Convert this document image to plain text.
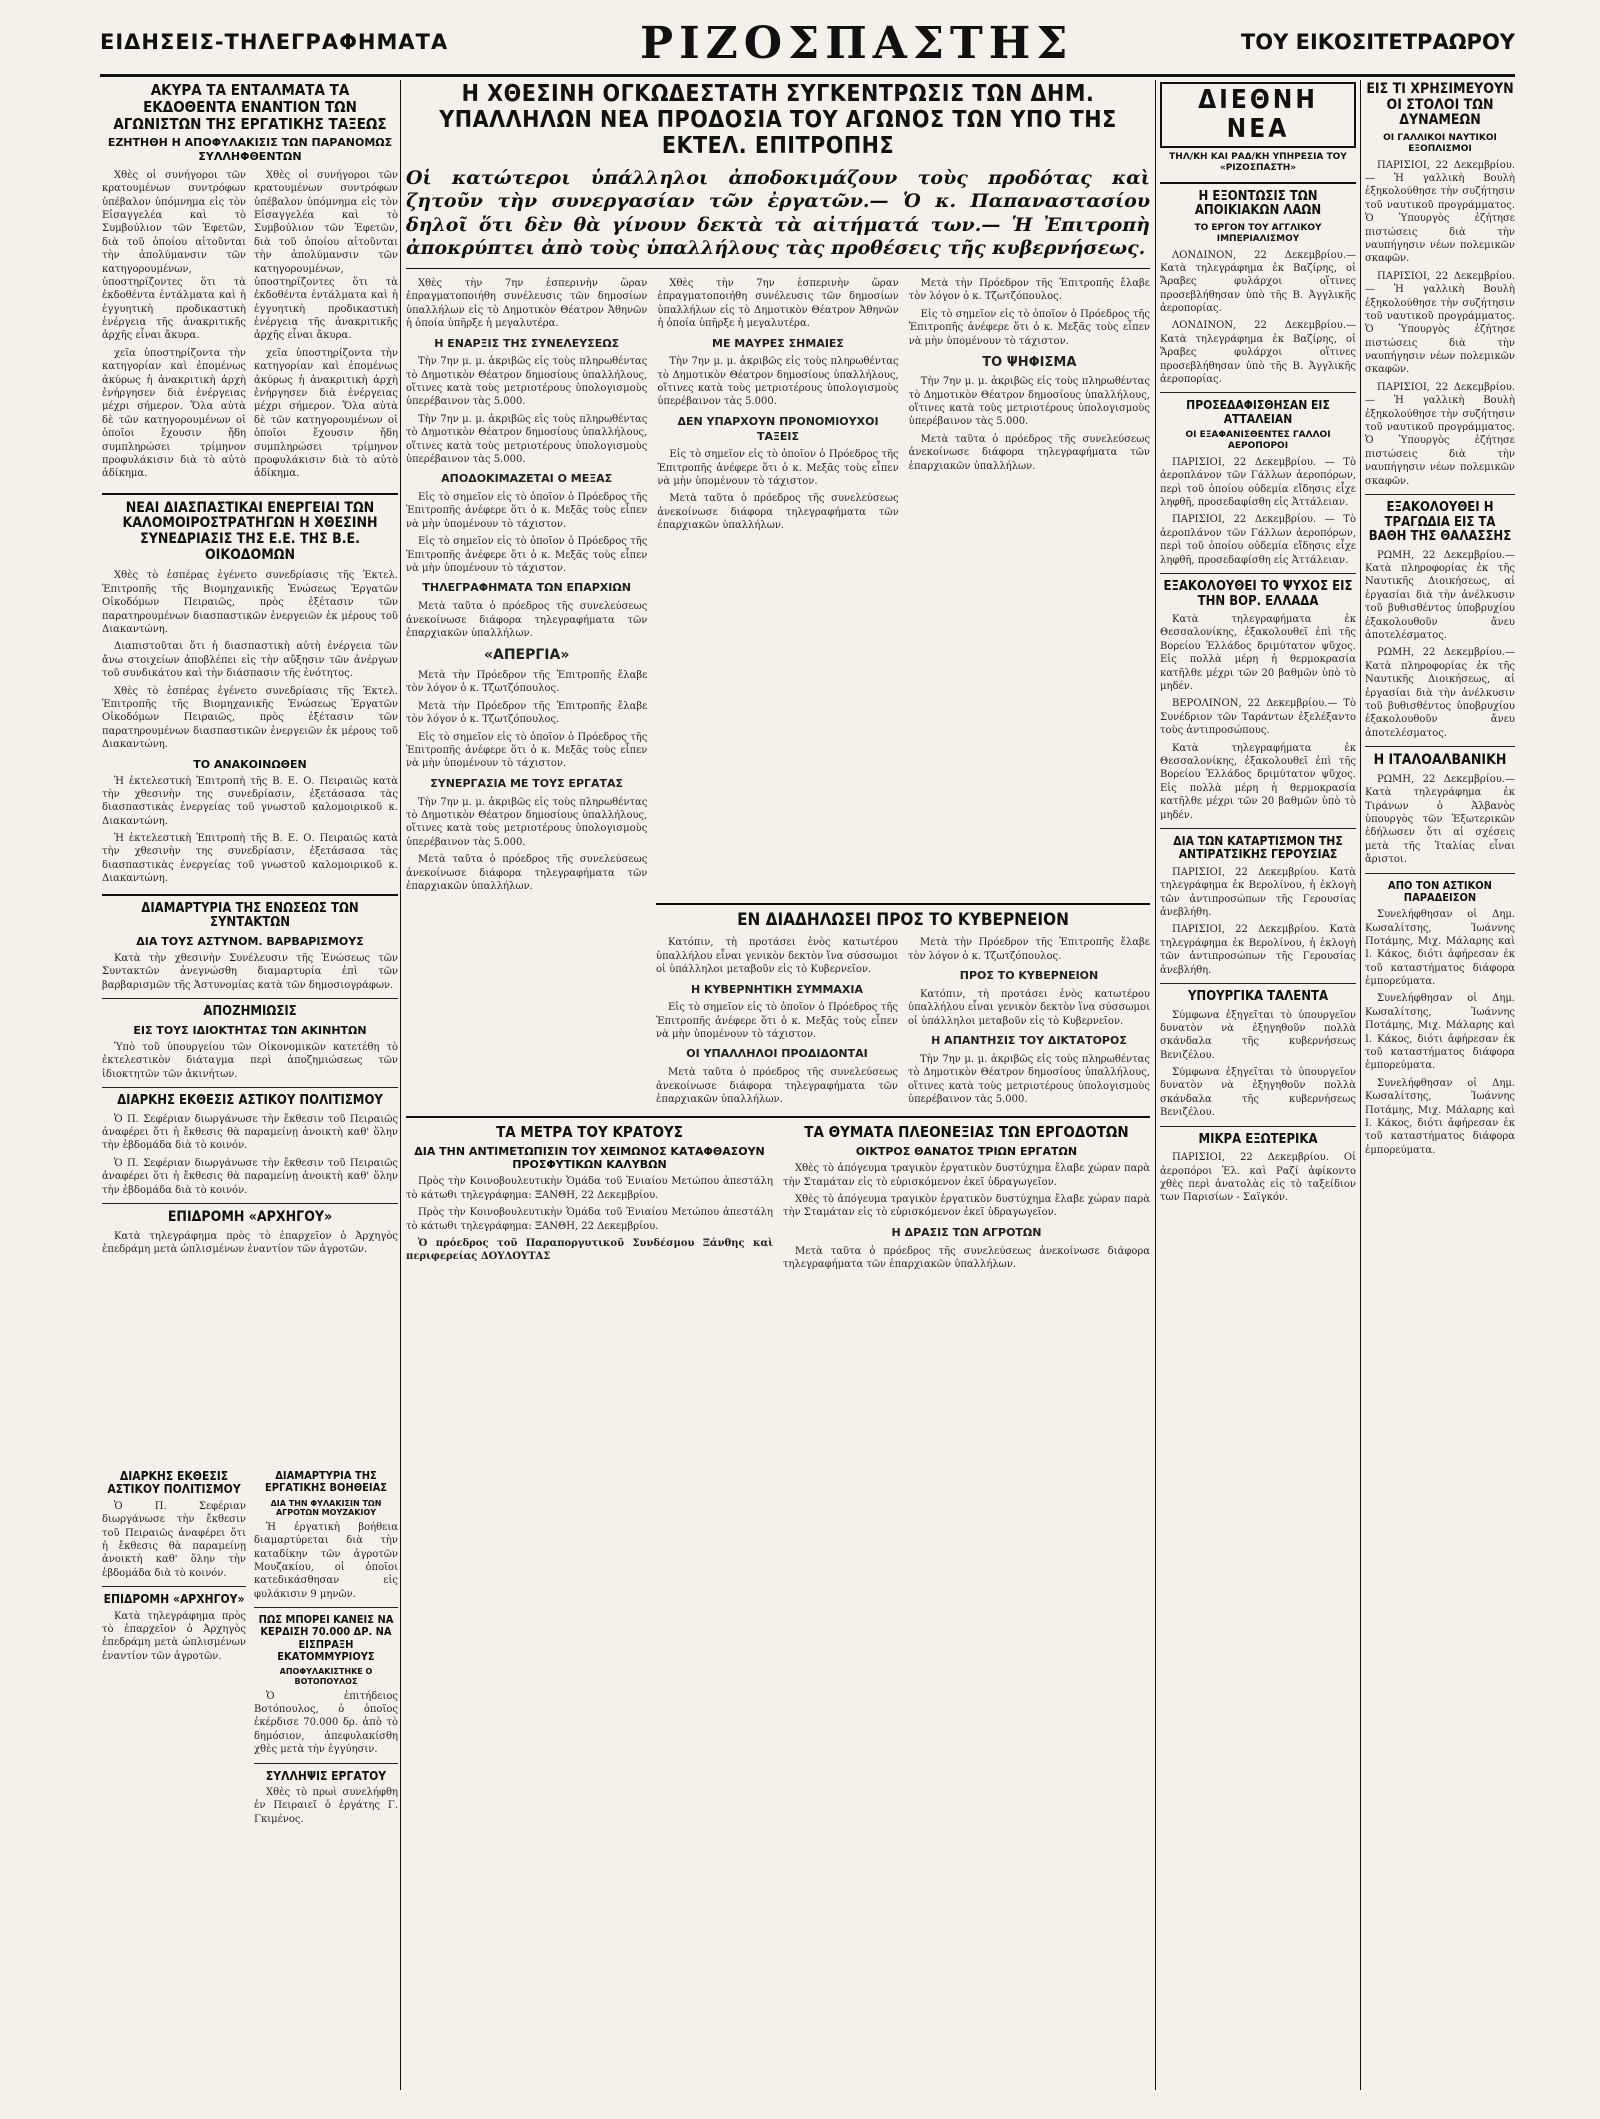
ΕΙΔΗΣΕΙΣ-ΤΗΛΕΓΡΑΦΗΜΑΤΑ	ΡΙΖΟΣΠΑΣΤΗΣ	ΤΟΥ ΕΙΚΟΣΙΤΕΤΡΑΩΡΟΥ
ΑΚΥΡΑ ΤΑ ΕΝΤΑΛΜΑΤΑ ΤΑ ΕΚΔΟΘΕΝΤΑ ΕΝΑΝΤΙΟΝ ΤΩΝ ΑΓΩΝΙΣΤΩΝ ΤΗΣ ΕΡΓΑΤΙΚΗΣ ΤΑΞΕΩΣ
ΕΖΗΤΗΘΗ Η ΑΠΟΦΥΛΑΚΙΣΙΣ ΤΩΝ ΠΑΡΑΝΟΜΩΣ ΣΥΛΛΗΦΘΕΝΤΩΝ

Χθὲς οἱ συνήγοροι τῶν κρατουμένων συντρόφων ὑπέβαλον ὑπόμνημα εἰς τὸν Εἰσαγγελέα καὶ τὸ Συμβούλιον τῶν Ἐφετῶν, διὰ τοῦ ὁποίου αἰτοῦνται τὴν ἀπολύμανσιν τῶν κατηγορουμένων, ὑποστηρίζοντες ὅτι τὰ ἐκδοθέντα ἐντάλματα καὶ ἡ ἐγγυητικὴ προδικαστικὴ ἐνέργεια τῆς ἀνακριτικῆς ἀρχῆς εἶναι ἄκυρα.

χεῖα ὑποστηρίζοντα τὴν κατηγορίαν καὶ ἐπομένως ἀκύρως ἡ ἀνακριτικὴ ἀρχὴ ἐνήργησεν διὰ ἐνέργειας μέχρι σήμερον. Ὅλα αὐτὰ δὲ τῶν κατηγορουμένων οἱ ὁποῖοι ἔχουσιν ἤδη συμπληρώσει τρίμηνον προφυλάκισιν διὰ τὸ αὐτὸ ἀδίκημα.

Χθὲς οἱ συνήγοροι τῶν κρατουμένων συντρόφων ὑπέβαλον ὑπόμνημα εἰς τὸν Εἰσαγγελέα καὶ τὸ Συμβούλιον τῶν Ἐφετῶν, διὰ τοῦ ὁποίου αἰτοῦνται τὴν ἀπολύμανσιν τῶν κατηγορουμένων, ὑποστηρίζοντες ὅτι τὰ ἐκδοθέντα ἐντάλματα καὶ ἡ ἐγγυητικὴ προδικαστικὴ ἐνέργεια τῆς ἀνακριτικῆς ἀρχῆς εἶναι ἄκυρα.

χεῖα ὑποστηρίζοντα τὴν κατηγορίαν καὶ ἐπομένως ἀκύρως ἡ ἀνακριτικὴ ἀρχὴ ἐνήργησεν διὰ ἐνέργειας μέχρι σήμερον. Ὅλα αὐτὰ δὲ τῶν κατηγορουμένων οἱ ὁποῖοι ἔχουσιν ἤδη συμπληρώσει τρίμηνον προφυλάκισιν διὰ τὸ αὐτὸ ἀδίκημα.

ΝΕΑΙ ΔΙΑΣΠΑΣΤΙΚΑΙ ΕΝΕΡΓΕΙΑΙ ΤΩΝ ΚΑΛΟΜΟΙΡΟΣΤΡΑΤΗΓΩΝ Η ΧΘΕΣΙΝΗ ΣΥΝΕΔΡΙΑΣΙΣ ΤΗΣ Ε.Ε. ΤΗΣ Β.Ε. ΟΙΚΟΔΟΜΩΝ

Χθὲς τὸ ἑσπέρας ἐγένετο συνεδρίασις τῆς Ἐκτελ. Ἐπιτροπῆς τῆς Βιομηχανικῆς Ἑνώσεως Ἐργατῶν Οἰκοδόμων Πειραιῶς, πρὸς ἐξέτασιν τῶν παρατηρουμένων διασπαστικῶν ἐνεργειῶν ἐκ μέρους τοῦ Διακαντώνη.

Διαπιστοῦται ὅτι ἡ διασπαστικὴ αὐτὴ ἐνέργεια τῶν ἄνω στοιχείων ἀποβλέπει εἰς τὴν αὔξησιν τῶν ἀνέργων τοῦ συνδικάτου καὶ τὴν διάσπασιν τῆς ἑνότητος.

Χθὲς τὸ ἑσπέρας ἐγένετο συνεδρίασις τῆς Ἐκτελ. Ἐπιτροπῆς τῆς Βιομηχανικῆς Ἑνώσεως Ἐργατῶν Οἰκοδόμων Πειραιῶς, πρὸς ἐξέτασιν τῶν παρατηρουμένων διασπαστικῶν ἐνεργειῶν ἐκ μέρους τοῦ Διακαντώνη.

ΤΟ ΑΝΑΚΟΙΝΩΘΕΝ

Ἡ ἐκτελεστικὴ Ἐπιτροπὴ τῆς Β. Ε. Ο. Πειραιῶς κατὰ τὴν χθεσινὴν της συνεδρίασιν, ἐξετάσασα τὰς διασπαστικὰς ἐνεργείας τοῦ γνωστοῦ καλομοιρικοῦ κ. Διακαντώνη.

Ἡ ἐκτελεστικὴ Ἐπιτροπὴ τῆς Β. Ε. Ο. Πειραιῶς κατὰ τὴν χθεσινὴν της συνεδρίασιν, ἐξετάσασα τὰς διασπαστικὰς ἐνεργείας τοῦ γνωστοῦ καλομοιρικοῦ κ. Διακαντώνη.

ΔΙΑΜΑΡΤΥΡΙΑ ΤΗΣ ΕΝΩΣΕΩΣ ΤΩΝ ΣΥΝΤΑΚΤΩΝ
ΔΙΑ ΤΟΥΣ ΑΣΤΥΝΟΜ. ΒΑΡΒΑΡΙΣΜΟΥΣ

Κατὰ τὴν χθεσινὴν Συνέλευσιν τῆς Ἑνώσεως τῶν Συντακτῶν ἀνεγνώσθη διαμαρτυρία ἐπὶ τῶν βαρβαρισμῶν τῆς Ἀστυνομίας κατὰ τῶν δημοσιογράφων.

ΑΠΟΖΗΜΙΩΣΙΣ
ΕΙΣ ΤΟΥΣ ΙΔΙΟΚΤΗΤΑΣ ΤΩΝ ΑΚΙΝΗΤΩΝ

Ὑπὸ τοῦ ὑπουργείου τῶν Οἰκονομικῶν κατετέθη τὸ ἐκτελεστικὸν διάταγμα περὶ ἀποζημιώσεως τῶν ἰδιοκτητῶν τῶν ἀκινήτων.

ΔΙΑΡΚΗΣ ΕΚΘΕΣΙΣ ΑΣΤΙΚΟΥ ΠΟΛΙΤΙΣΜΟΥ

Ὁ Π. Σεφέριαν διωργάνωσε τὴν ἔκθεσιν τοῦ Πειραιῶς ἀναφέρει ὅτι ἡ ἔκθεσις θὰ παραμείνῃ ἀνοικτὴ καθ' ὅλην τὴν ἑβδομάδα διὰ τὸ κοινόν.

Ὁ Π. Σεφέριαν διωργάνωσε τὴν ἔκθεσιν τοῦ Πειραιῶς ἀναφέρει ὅτι ἡ ἔκθεσις θὰ παραμείνῃ ἀνοικτὴ καθ' ὅλην τὴν ἑβδομάδα διὰ τὸ κοινόν.

ΕΠΙΔΡΟΜΗ «ΑΡΧΗΓΟΥ»

Κατὰ τηλεγράφημα πρὸς τὸ ἐπαρχεῖον ὁ Ἀρχηγὸς ἐπεδράμη μετὰ ὡπλισμένων ἐναντίον τῶν ἀγροτῶν.

Η ΧΘΕΣΙΝΗ ΟΓΚΩΔΕΣΤΑΤΗ ΣΥΓΚΕΝΤΡΩΣΙΣ ΤΩΝ ΔΗΜ. ΥΠΑΛΛΗΛΩΝ ΝΕΑ ΠΡΟΔΟΣΙΑ ΤΟΥ ΑΓΩΝΟΣ ΤΩΝ ΥΠΟ ΤΗΣ ΕΚΤΕΛ. ΕΠΙΤΡΟΠΗΣ
Οἱ κατώτεροι ὑπάλληλοι ἀποδοκιμάζουν τοὺς προδότας καὶ ζητοῦν τὴν συνεργασίαν τῶν ἐργατῶν.— Ὁ κ. Παπαναστασίου δηλοῖ ὅτι δὲν θὰ γίνουν δεκτὰ τὰ αἰτήματά των.— Ἡ Ἐπιτροπὴ ἀποκρύπτει ἀπὸ τοὺς ὑπαλλήλους τὰς προθέσεις τῆς κυβερνήσεως.

Χθὲς τὴν 7ην ἑσπερινὴν ὥραν ἐπραγματοποιήθη συνέλευσις τῶν δημοσίων ὑπαλλήλων εἰς τὸ Δημοτικὸν Θέατρον Ἀθηνῶν ἡ ὁποία ὑπῆρξε ἡ μεγαλυτέρα.

Η ΕΝΑΡΞΙΣ ΤΗΣ ΣΥΝΕΛΕΥΣΕΩΣ

Τὴν 7ην μ. μ. ἀκριβῶς εἰς τοὺς πληρωθέντας τὸ Δημοτικὸν Θέατρον δημοσίους ὑπαλλήλους, οἵτινες κατὰ τοὺς μετριοτέρους ὑπολογισμοὺς ὑπερέβαινον τὰς 5.000.

Τὴν 7ην μ. μ. ἀκριβῶς εἰς τοὺς πληρωθέντας τὸ Δημοτικὸν Θέατρον δημοσίους ὑπαλλήλους, οἵτινες κατὰ τοὺς μετριοτέρους ὑπολογισμοὺς ὑπερέβαινον τὰς 5.000.

ΑΠΟΔΟΚΙΜΑΖΕΤΑΙ Ο ΜΕΞΑΣ

Εἰς τὸ σημεῖον εἰς τὸ ὁποῖον ὁ Πρόεδρος τῆς Ἐπιτροπῆς ἀνέφερε ὅτι ὁ κ. Μεξᾶς τοὺς εἶπεν νὰ μὴν ὑπομένουν τὸ τάχιστον.

Εἰς τὸ σημεῖον εἰς τὸ ὁποῖον ὁ Πρόεδρος τῆς Ἐπιτροπῆς ἀνέφερε ὅτι ὁ κ. Μεξᾶς τοὺς εἶπεν νὰ μὴν ὑπομένουν τὸ τάχιστον.

ΤΗΛΕΓΡΑΦΗΜΑΤΑ ΤΩΝ ΕΠΑΡΧΙΩΝ

Μετὰ ταῦτα ὁ πρόεδρος τῆς συνελεύσεως ἀνεκοίνωσε διάφορα τηλεγραφήματα τῶν ἐπαρχιακῶν ὑπαλλήλων.

«ΑΠΕΡΓΙΑ»

Μετὰ τὴν Πρόεδρον τῆς Ἐπιτροπῆς ἔλαβε τὸν λόγον ὁ κ. Τζωτζόπουλος.

Μετὰ τὴν Πρόεδρον τῆς Ἐπιτροπῆς ἔλαβε τὸν λόγον ὁ κ. Τζωτζόπουλος.

Εἰς τὸ σημεῖον εἰς τὸ ὁποῖον ὁ Πρόεδρος τῆς Ἐπιτροπῆς ἀνέφερε ὅτι ὁ κ. Μεξᾶς τοὺς εἶπεν νὰ μὴν ὑπομένουν τὸ τάχιστον.

ΣΥΝΕΡΓΑΣΙΑ ΜΕ ΤΟΥΣ ΕΡΓΑΤΑΣ

Τὴν 7ην μ. μ. ἀκριβῶς εἰς τοὺς πληρωθέντας τὸ Δημοτικὸν Θέατρον δημοσίους ὑπαλλήλους, οἵτινες κατὰ τοὺς μετριοτέρους ὑπολογισμοὺς ὑπερέβαινον τὰς 5.000.

Μετὰ ταῦτα ὁ πρόεδρος τῆς συνελεύσεως ἀνεκοίνωσε διάφορα τηλεγραφήματα τῶν ἐπαρχιακῶν ὑπαλλήλων.

Χθὲς τὴν 7ην ἑσπερινὴν ὥραν ἐπραγματοποιήθη συνέλευσις τῶν δημοσίων ὑπαλλήλων εἰς τὸ Δημοτικὸν Θέατρον Ἀθηνῶν ἡ ὁποία ὑπῆρξε ἡ μεγαλυτέρα.

ΜΕ ΜΑΥΡΕΣ ΣΗΜΑΙΕΣ

Τὴν 7ην μ. μ. ἀκριβῶς εἰς τοὺς πληρωθέντας τὸ Δημοτικὸν Θέατρον δημοσίους ὑπαλλήλους, οἵτινες κατὰ τοὺς μετριοτέρους ὑπολογισμοὺς ὑπερέβαινον τὰς 5.000.

ΔΕΝ ΥΠΑΡΧΟΥΝ ΠΡΟΝΟΜΙΟΥΧΟΙ ΤΑΞΕΙΣ

Εἰς τὸ σημεῖον εἰς τὸ ὁποῖον ὁ Πρόεδρος τῆς Ἐπιτροπῆς ἀνέφερε ὅτι ὁ κ. Μεξᾶς τοὺς εἶπεν νὰ μὴν ὑπομένουν τὸ τάχιστον.

Μετὰ ταῦτα ὁ πρόεδρος τῆς συνελεύσεως ἀνεκοίνωσε διάφορα τηλεγραφήματα τῶν ἐπαρχιακῶν ὑπαλλήλων.

Μετὰ τὴν Πρόεδρον τῆς Ἐπιτροπῆς ἔλαβε τὸν λόγον ὁ κ. Τζωτζόπουλος.

Εἰς τὸ σημεῖον εἰς τὸ ὁποῖον ὁ Πρόεδρος τῆς Ἐπιτροπῆς ἀνέφερε ὅτι ὁ κ. Μεξᾶς τοὺς εἶπεν νὰ μὴν ὑπομένουν τὸ τάχιστον.

ΤΟ ΨΗΦΙΣΜΑ

Τὴν 7ην μ. μ. ἀκριβῶς εἰς τοὺς πληρωθέντας τὸ Δημοτικὸν Θέατρον δημοσίους ὑπαλλήλους, οἵτινες κατὰ τοὺς μετριοτέρους ὑπολογισμοὺς ὑπερέβαινον τὰς 5.000.

Μετὰ ταῦτα ὁ πρόεδρος τῆς συνελεύσεως ἀνεκοίνωσε διάφορα τηλεγραφήματα τῶν ἐπαρχιακῶν ὑπαλλήλων.

ΕΝ ΔΙΑΔΗΛΩΣΕΙ ΠΡΟΣ ΤΟ ΚΥΒΕΡΝΕΙΟΝ

Κατόπιν, τὴ προτάσει ἑνὸς κατωτέρου ὑπαλλήλου εἶναι γενικὸν δεκτὸν ἵνα σύσσωμοι οἱ ὑπάλληλοι μεταβοῦν εἰς τὸ Κυβερνεῖον.

Η ΚΥΒΕΡΝΗΤΙΚΗ ΣΥΜΜΑΧΙΑ

Εἰς τὸ σημεῖον εἰς τὸ ὁποῖον ὁ Πρόεδρος τῆς Ἐπιτροπῆς ἀνέφερε ὅτι ὁ κ. Μεξᾶς τοὺς εἶπεν νὰ μὴν ὑπομένουν τὸ τάχιστον.

ΟΙ ΥΠΑΛΛΗΛΟΙ ΠΡΟΔΙΔΟΝΤΑΙ

Μετὰ ταῦτα ὁ πρόεδρος τῆς συνελεύσεως ἀνεκοίνωσε διάφορα τηλεγραφήματα τῶν ἐπαρχιακῶν ὑπαλλήλων.

Μετὰ τὴν Πρόεδρον τῆς Ἐπιτροπῆς ἔλαβε τὸν λόγον ὁ κ. Τζωτζόπουλος.

ΠΡΟΣ ΤΟ ΚΥΒΕΡΝΕΙΟΝ

Κατόπιν, τὴ προτάσει ἑνὸς κατωτέρου ὑπαλλήλου εἶναι γενικὸν δεκτὸν ἵνα σύσσωμοι οἱ ὑπάλληλοι μεταβοῦν εἰς τὸ Κυβερνεῖον.

Η ΑΠΑΝΤΗΣΙΣ ΤΟΥ ΔΙΚΤΑΤΟΡΟΣ

Τὴν 7ην μ. μ. ἀκριβῶς εἰς τοὺς πληρωθέντας τὸ Δημοτικὸν Θέατρον δημοσίους ὑπαλλήλους, οἵτινες κατὰ τοὺς μετριοτέρους ὑπολογισμοὺς ὑπερέβαινον τὰς 5.000.

ΤΑ ΜΕΤΡΑ ΤΟΥ ΚΡΑΤΟΥΣ
ΔΙΑ ΤΗΝ ΑΝΤΙΜΕΤΩΠΙΣΙΝ ΤΟΥ ΧΕΙΜΩΝΟΣ ΚΑΤΑΦΘΑΣΟΥΝ ΠΡΟΣΦΥΤΙΚΩΝ ΚΑΛΥΒΩΝ

Πρὸς τὴν Κοινοβουλευτικὴν Ὁμάδα τοῦ Ἐνιαίου Μετώπου ἀπεστάλη τὸ κάτωθι τηλεγράφημα: ΞΑΝΘΗ, 22 Δεκεμβρίου.

Πρὸς τὴν Κοινοβουλευτικὴν Ὁμάδα τοῦ Ἐνιαίου Μετώπου ἀπεστάλη τὸ κάτωθι τηλεγράφημα: ΞΑΝΘΗ, 22 Δεκεμβρίου.

Ὁ πρόεδρος τοῦ Παραποργυτικοῦ Συνδέσμου Ξάνθης καὶ περιφερείας ΔΟΥΛΟΥΤΑΣ

ΤΑ ΘΥΜΑΤΑ ΠΛΕΟΝΕΞΙΑΣ ΤΩΝ ΕΡΓΟΔΟΤΩΝ
ΟΙΚΤΡΟΣ ΘΑΝΑΤΟΣ ΤΡΙΩΝ ΕΡΓΑΤΩΝ

Χθὲς τὸ ἀπόγευμα τραγικὸν ἐργατικὸν δυστύχημα ἔλαβε χώραν παρὰ τὴν Σταμάταν εἰς τὸ εὑρισκόμενον ἐκεῖ ὑδραγωγεῖον.

Χθὲς τὸ ἀπόγευμα τραγικὸν ἐργατικὸν δυστύχημα ἔλαβε χώραν παρὰ τὴν Σταμάταν εἰς τὸ εὑρισκόμενον ἐκεῖ ὑδραγωγεῖον.

Η ΔΡΑΣΙΣ ΤΩΝ ΑΓΡΟΤΩΝ

Μετὰ ταῦτα ὁ πρόεδρος τῆς συνελεύσεως ἀνεκοίνωσε διάφορα τηλεγραφήματα τῶν ἐπαρχιακῶν ὑπαλλήλων.

ΔΙΕΘΝΗ ΝΕΑ
ΤΗΛ/ΚΗ ΚΑΙ ΡΑΔ/ΚΗ ΥΠΗΡΕΣΙΑ ΤΟΥ «ΡΙΖΟΣΠΑΣΤΗ»
Η ΕΞΟΝΤΩΣΙΣ ΤΩΝ ΑΠΟΙΚΙΑΚΩΝ ΛΑΩΝ
ΤΟ ΕΡΓΟΝ ΤΟΥ ΑΓΓΛΙΚΟΥ ΙΜΠΕΡΙΑΛΙΣΜΟΥ

ΛΟΝΔΙΝΟΝ, 22 Δεκεμβρίου.— Κατὰ τηλεγράφημα ἐκ Βαζίρης, οἱ Ἄραβες φυλάρχοι οἵτινες προσεβλήθησαν ὑπὸ τῆς Β. Ἀγγλικῆς ἀεροπορίας.

ΛΟΝΔΙΝΟΝ, 22 Δεκεμβρίου.— Κατὰ τηλεγράφημα ἐκ Βαζίρης, οἱ Ἄραβες φυλάρχοι οἵτινες προσεβλήθησαν ὑπὸ τῆς Β. Ἀγγλικῆς ἀεροπορίας.

ΠΡΟΣΕΔΑΦΙΣΘΗΣΑΝ ΕΙΣ ΑΤΤΑΛΕΙΑΝ
ΟΙ ΕΞΑΦΑΝΙΣΘΕΝΤΕΣ ΓΑΛΛΟΙ ΑΕΡΟΠΟΡΟΙ

ΠΑΡΙΣΙΟΙ, 22 Δεκεμβρίου. — Τὸ ἀεροπλάνον τῶν Γάλλων ἀεροπόρων, περὶ τοῦ ὁποίου οὐδεμία εἴδησις εἶχε ληφθῆ, προσεδαφίσθη εἰς Ἀττάλειαν.

ΠΑΡΙΣΙΟΙ, 22 Δεκεμβρίου. — Τὸ ἀεροπλάνον τῶν Γάλλων ἀεροπόρων, περὶ τοῦ ὁποίου οὐδεμία εἴδησις εἶχε ληφθῆ, προσεδαφίσθη εἰς Ἀττάλειαν.

ΕΞΑΚΟΛΟΥΘΕΙ ΤΟ ΨΥΧΟΣ ΕΙΣ ΤΗΝ ΒΟΡ. ΕΛΛΑΔΑ

Κατὰ τηλεγραφήματα ἐκ Θεσσαλονίκης, ἐξακολουθεῖ ἐπὶ τῆς Βορείου Ἑλλάδος δριμύτατον ψῦχος. Εἰς πολλὰ μέρη ἡ θερμοκρασία κατῆλθε μέχρι τῶν 20 βαθμῶν ὑπὸ τὸ μηδέν.

ΒΕΡΟΛΙΝΟΝ, 22 Δεκεμβρίου.— Τὸ Συνέδριον τῶν Ταράντων ἐξελέξαντο τοὺς ἀντιπροσώπους.

Κατὰ τηλεγραφήματα ἐκ Θεσσαλονίκης, ἐξακολουθεῖ ἐπὶ τῆς Βορείου Ἑλλάδος δριμύτατον ψῦχος. Εἰς πολλὰ μέρη ἡ θερμοκρασία κατῆλθε μέχρι τῶν 20 βαθμῶν ὑπὸ τὸ μηδέν.

ΔΙΑ ΤΩΝ ΚΑΤΑΡΤΙΣΜΟΝ ΤΗΣ ΑΝΤΙΡΑΤΣΙΚΗΣ ΓΕΡΟΥΣΙΑΣ

ΠΑΡΙΣΙΟΙ, 22 Δεκεμβρίου. Κατὰ τηλεγράφημα ἐκ Βερολίνου, ἡ ἐκλογὴ τῶν ἀντιπροσώπων τῆς Γερουσίας ἀνεβλήθη.

ΠΑΡΙΣΙΟΙ, 22 Δεκεμβρίου. Κατὰ τηλεγράφημα ἐκ Βερολίνου, ἡ ἐκλογὴ τῶν ἀντιπροσώπων τῆς Γερουσίας ἀνεβλήθη.

ΥΠΟΥΡΓΙΚΑ ΤΑΛΕΝΤΑ

Σύμφωνα ἐξηγεῖται τὸ ὑπουργεῖον δυνατὸν νὰ ἐξηγηθοῦν πολλὰ σκάνδαλα τῆς κυβερνήσεως Βενιζέλου.

Σύμφωνα ἐξηγεῖται τὸ ὑπουργεῖον δυνατὸν νὰ ἐξηγηθοῦν πολλὰ σκάνδαλα τῆς κυβερνήσεως Βενιζέλου.

ΜΙΚΡΑ ΕΞΩΤΕΡΙΚΑ

ΠΑΡΙΣΙΟΙ, 22 Δεκεμβρίου. Οἱ ἀεροπόροι Ἐλ. καὶ Ραζί ἀφίκοντο χθὲς περὶ ἀνατολὰς εἰς τὸ ταξείδιον των Παρισίων - Σαϊγκόν.

ΕΙΣ ΤΙ ΧΡΗΣΙΜΕΥΟΥΝ ΟΙ ΣΤΟΛΟΙ ΤΩΝ ΔΥΝΑΜΕΩΝ
ΟΙ ΓΑΛΛΙΚΟΙ ΝΑΥΤΙΚΟΙ ΕΞΟΠΛΙΣΜΟΙ

ΠΑΡΙΣΙΟΙ, 22 Δεκεμβρίου.— Ἡ γαλλικὴ Βουλὴ ἐξηκολούθησε τὴν συζήτησιν τοῦ ναυτικοῦ προγράμματος. Ὁ Ὑπουργὸς ἐζήτησε πιστώσεις διὰ τὴν ναυπήγησιν νέων πολεμικῶν σκαφῶν.

ΠΑΡΙΣΙΟΙ, 22 Δεκεμβρίου.— Ἡ γαλλικὴ Βουλὴ ἐξηκολούθησε τὴν συζήτησιν τοῦ ναυτικοῦ προγράμματος. Ὁ Ὑπουργὸς ἐζήτησε πιστώσεις διὰ τὴν ναυπήγησιν νέων πολεμικῶν σκαφῶν.

ΠΑΡΙΣΙΟΙ, 22 Δεκεμβρίου.— Ἡ γαλλικὴ Βουλὴ ἐξηκολούθησε τὴν συζήτησιν τοῦ ναυτικοῦ προγράμματος. Ὁ Ὑπουργὸς ἐζήτησε πιστώσεις διὰ τὴν ναυπήγησιν νέων πολεμικῶν σκαφῶν.

ΕΞΑΚΟΛΟΥΘΕΙ Η ΤΡΑΓΩΔΙΑ ΕΙΣ ΤΑ ΒΑΘΗ ΤΗΣ ΘΑΛΑΣΣΗΣ

ΡΩΜΗ, 22 Δεκεμβρίου.— Κατὰ πληροφορίας ἐκ τῆς Ναυτικῆς Διοικήσεως, αἱ ἐργασίαι διὰ τὴν ἀνέλκυσιν τοῦ βυθισθέντος ὑποβρυχίου ἐξακολουθοῦν ἄνευ ἀποτελέσματος.

ΡΩΜΗ, 22 Δεκεμβρίου.— Κατὰ πληροφορίας ἐκ τῆς Ναυτικῆς Διοικήσεως, αἱ ἐργασίαι διὰ τὴν ἀνέλκυσιν τοῦ βυθισθέντος ὑποβρυχίου ἐξακολουθοῦν ἄνευ ἀποτελέσματος.

Η ΙΤΑΛΟΑΛΒΑΝΙΚΗ

ΡΩΜΗ, 22 Δεκεμβρίου.— Κατὰ τηλεγράφημα ἐκ Τιράνων ὁ Ἀλβανὸς ὑπουργὸς τῶν Ἐξωτερικῶν ἐδήλωσεν ὅτι αἱ σχέσεις μετὰ τῆς Ἰταλίας εἶναι ἄριστοι.

ΑΠΟ ΤΟΝ ΑΣΤΙΚΟΝ ΠΑΡΑΔΕΙΣΟΝ

Συνελήφθησαν οἱ Δημ. Κωσαλίτσης, Ἰωάννης Ποτάμης, Μιχ. Μάλαρης καὶ Ι. Κάκος, διότι ἀφήρεσαν ἐκ τοῦ καταστήματος διάφορα ἐμπορεύματα.

Συνελήφθησαν οἱ Δημ. Κωσαλίτσης, Ἰωάννης Ποτάμης, Μιχ. Μάλαρης καὶ Ι. Κάκος, διότι ἀφήρεσαν ἐκ τοῦ καταστήματος διάφορα ἐμπορεύματα.

Συνελήφθησαν οἱ Δημ. Κωσαλίτσης, Ἰωάννης Ποτάμης, Μιχ. Μάλαρης καὶ Ι. Κάκος, διότι ἀφήρεσαν ἐκ τοῦ καταστήματος διάφορα ἐμπορεύματα.

ΔΙΑΡΚΗΣ ΕΚΘΕΣΙΣ ΑΣΤΙΚΟΥ ΠΟΛΙΤΙΣΜΟΥ

Ὁ Π. Σεφέριαν διωργάνωσε τὴν ἔκθεσιν τοῦ Πειραιῶς ἀναφέρει ὅτι ἡ ἔκθεσις θὰ παραμείνῃ ἀνοικτὴ καθ' ὅλην τὴν ἑβδομάδα διὰ τὸ κοινόν.

ΕΠΙΔΡΟΜΗ «ΑΡΧΗΓΟΥ»

Κατὰ τηλεγράφημα πρὸς τὸ ἐπαρχεῖον ὁ Ἀρχηγὸς ἐπεδράμη μετὰ ὡπλισμένων ἐναντίον τῶν ἀγροτῶν.

ΔΙΑΜΑΡΤΥΡΙΑ ΤΗΣ ΕΡΓΑΤΙΚΗΣ ΒΟΗΘΕΙΑΣ
ΔΙΑ ΤΗΝ ΦΥΛΑΚΙΣΙΝ ΤΩΝ ΑΓΡΟΤΩΝ ΜΟΥΖΑΚΙΟΥ

Ἡ ἐργατικὴ βοήθεια διαμαρτύρεται διὰ τὴν καταδίκην τῶν ἀγροτῶν Μουζακίου, οἱ ὁποῖοι κατεδικάσθησαν εἰς φυλάκισιν 9 μηνῶν.

ΠΩΣ ΜΠΟΡΕΙ ΚΑΝΕΙΣ ΝΑ ΚΕΡΔΙΣΗ 70.000 ΔΡ. ΝΑ ΕΙΣΠΡΑΞΗ ΕΚΑΤΟΜΜΥΡΙΟΥΣ
ΑΠΟΦΥΛΑΚΙΣΤΗΚΕ Ο ΒΟΤΟΠΟΥΛΟΣ

Ὁ ἐπιτήδειος Βοτόπουλος, ὁ ὁποῖος ἐκέρδισε 70.000 δρ. ἀπὸ τὸ δημόσιον, ἀπεφυλακίσθη χθὲς μετὰ τὴν ἐγγύησιν.

ΣΥΛΛΗΨΙΣ ΕΡΓΑΤΟΥ

Χθὲς τὸ πρωὶ συνελήφθη ἐν Πειραιεῖ ὁ ἐργάτης Γ. Γκιμένος.
